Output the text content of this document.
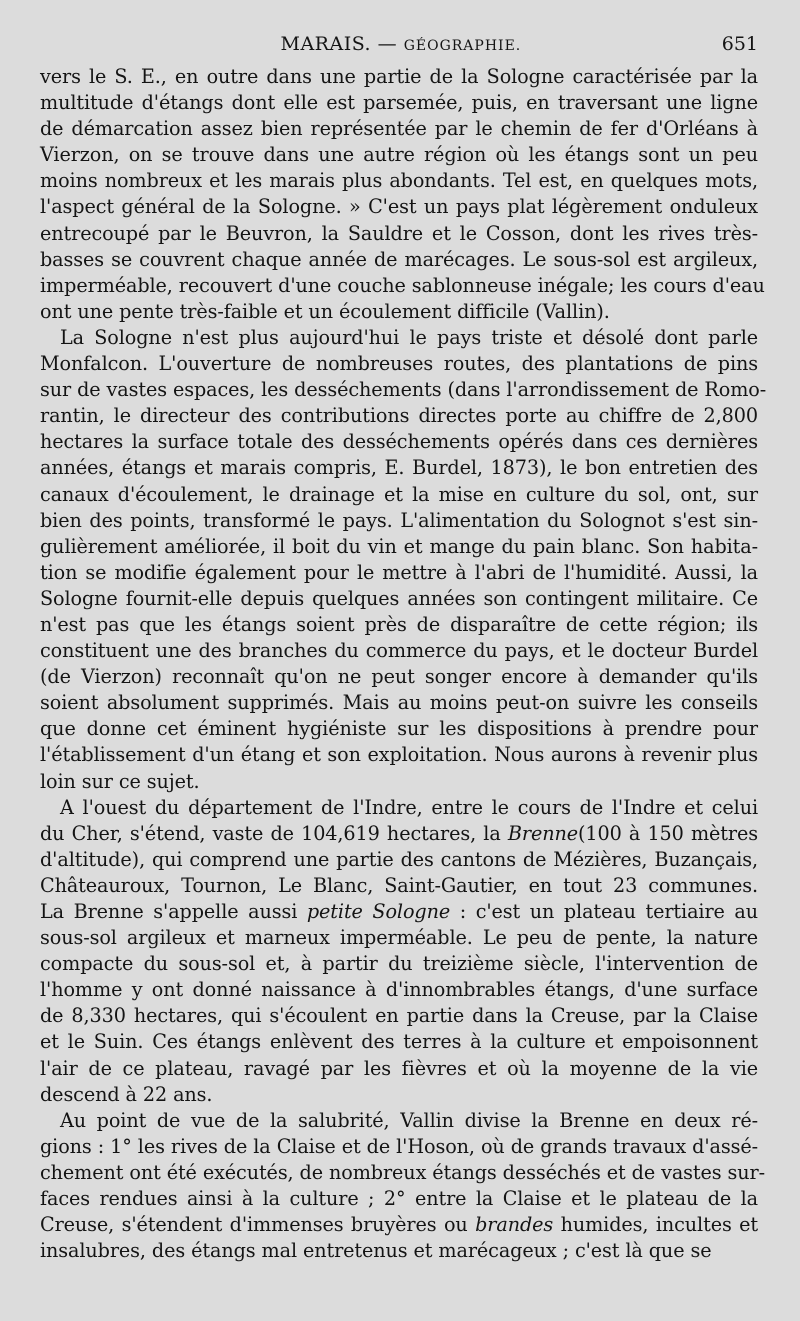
MARAIS. — GÉOGRAPHIE.	651
vers le S. E., en outre dans une partie de la Sologne caractérisée par la
multitude d'étangs dont elle est parsemée, puis, en traversant une ligne
de démarcation assez bien représentée par le chemin de fer d'Orléans à
Vierzon, on se trouve dans une autre région où les étangs sont un peu
moins nombreux et les marais plus abondants. Tel est, en quelques mots,
l'aspect général de la Sologne. » C'est un pays plat légèrement onduleux
entrecoupé par le Beuvron, la Sauldre et le Cosson, dont les rives très-
basses se couvrent chaque année de marécages. Le sous-sol est argileux,
imperméable, recouvert d'une couche sablonneuse inégale; les cours d'eau
ont une pente très-faible et un écoulement difficile (Vallin).
La Sologne n'est plus aujourd'hui le pays triste et désolé dont parle
Monfalcon. L'ouverture de nombreuses routes, des plantations de pins
sur de vastes espaces, les desséchements (dans l'arrondissement de Romo-
rantin, le directeur des contributions directes porte au chiffre de 2,800
hectares la surface totale des desséchements opérés dans ces dernières
années, étangs et marais compris, E. Burdel, 1873), le bon entretien des
canaux d'écoulement, le drainage et la mise en culture du sol, ont, sur
bien des points, transformé le pays. L'alimentation du Solognot s'est sin-
gulièrement améliorée, il boit du vin et mange du pain blanc. Son habita-
tion se modifie également pour le mettre à l'abri de l'humidité. Aussi, la
Sologne fournit-elle depuis quelques années son contingent militaire. Ce
n'est pas que les étangs soient près de disparaître de cette région; ils
constituent une des branches du commerce du pays, et le docteur Burdel
(de Vierzon) reconnaît qu'on ne peut songer encore à demander qu'ils
soient absolument supprimés. Mais au moins peut-on suivre les conseils
que donne cet éminent hygiéniste sur les dispositions à prendre pour
l'établissement d'un étang et son exploitation. Nous aurons à revenir plus
loin sur ce sujet.
A l'ouest du département de l'Indre, entre le cours de l'Indre et celui
du Cher, s'étend, vaste de 104,619 hectares, la Brenne(100 à 150 mètres
d'altitude), qui comprend une partie des cantons de Mézières, Buzançais,
Châteauroux, Tournon, Le Blanc, Saint-Gautier, en tout 23 communes.
La Brenne s'appelle aussi petite Sologne : c'est un plateau tertiaire au
sous-sol argileux et marneux imperméable. Le peu de pente, la nature
compacte du sous-sol et, à partir du treizième siècle, l'intervention de
l'homme y ont donné naissance à d'innombrables étangs, d'une surface
de 8,330 hectares, qui s'écoulent en partie dans la Creuse, par la Claise
et le Suin. Ces étangs enlèvent des terres à la culture et empoisonnent
l'air de ce plateau, ravagé par les fièvres et où la moyenne de la vie
descend à 22 ans.
Au point de vue de la salubrité, Vallin divise la Brenne en deux ré-
gions : 1° les rives de la Claise et de l'Hoson, où de grands travaux d'assé-
chement ont été exécutés, de nombreux étangs desséchés et de vastes sur-
faces rendues ainsi à la culture ; 2° entre la Claise et le plateau de la
Creuse, s'étendent d'immenses bruyères ou brandes humides, incultes et
insalubres, des étangs mal entretenus et marécageux ; c'est là que se
